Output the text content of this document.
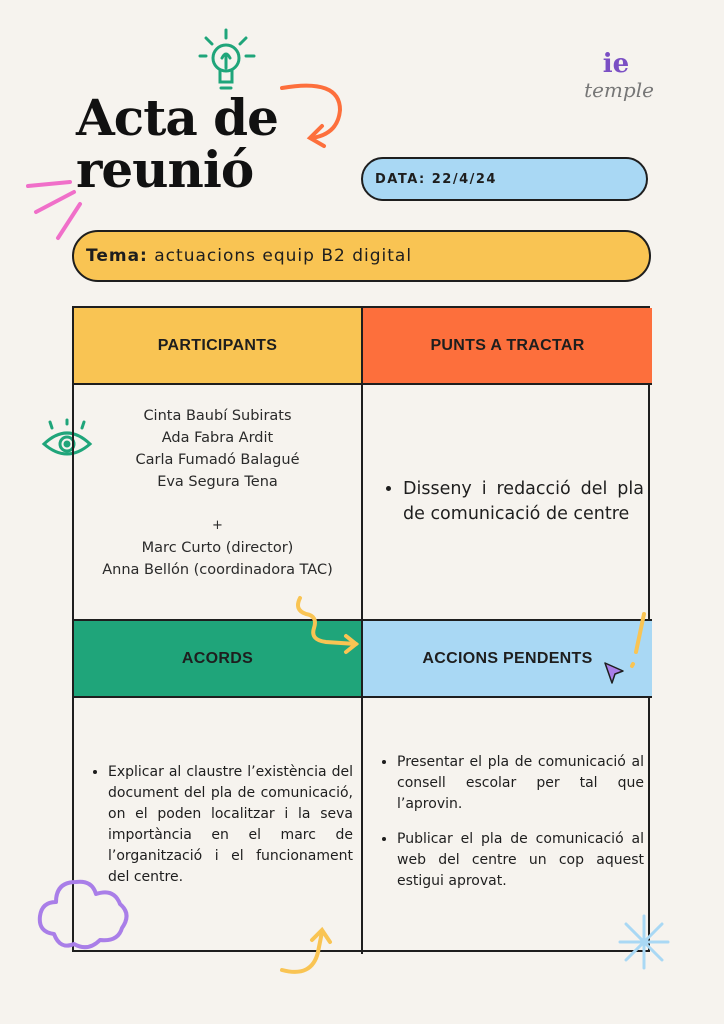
Acta de
reunió
ie
temple
DATA: 22/4/24
Tema:
actuacions equip B2 digital
PARTICIPANTS	PUNTS A TRACTAR
Cinta Baubí Subirats
Ada Fabra Ardit
Carla Fumadó Balagué
Eva Segura Tena
+
Marc Curto (director)
Anna Bellón (coordinadora TAC)
• Disseny i redacció del pla de comunicació de centre
ACORDS	ACCIONS PENDENTS
• Explicar al claustre l’existència del document del pla de comunicació, on el poden localitzar i la seva importància en el marc de l’organització i el funcionament del centre.
• Presentar el pla de comunicació al consell escolar per tal que l’aprovin.
• Publicar el pla de comunicació al web del centre un cop aquest estigui aprovat.
